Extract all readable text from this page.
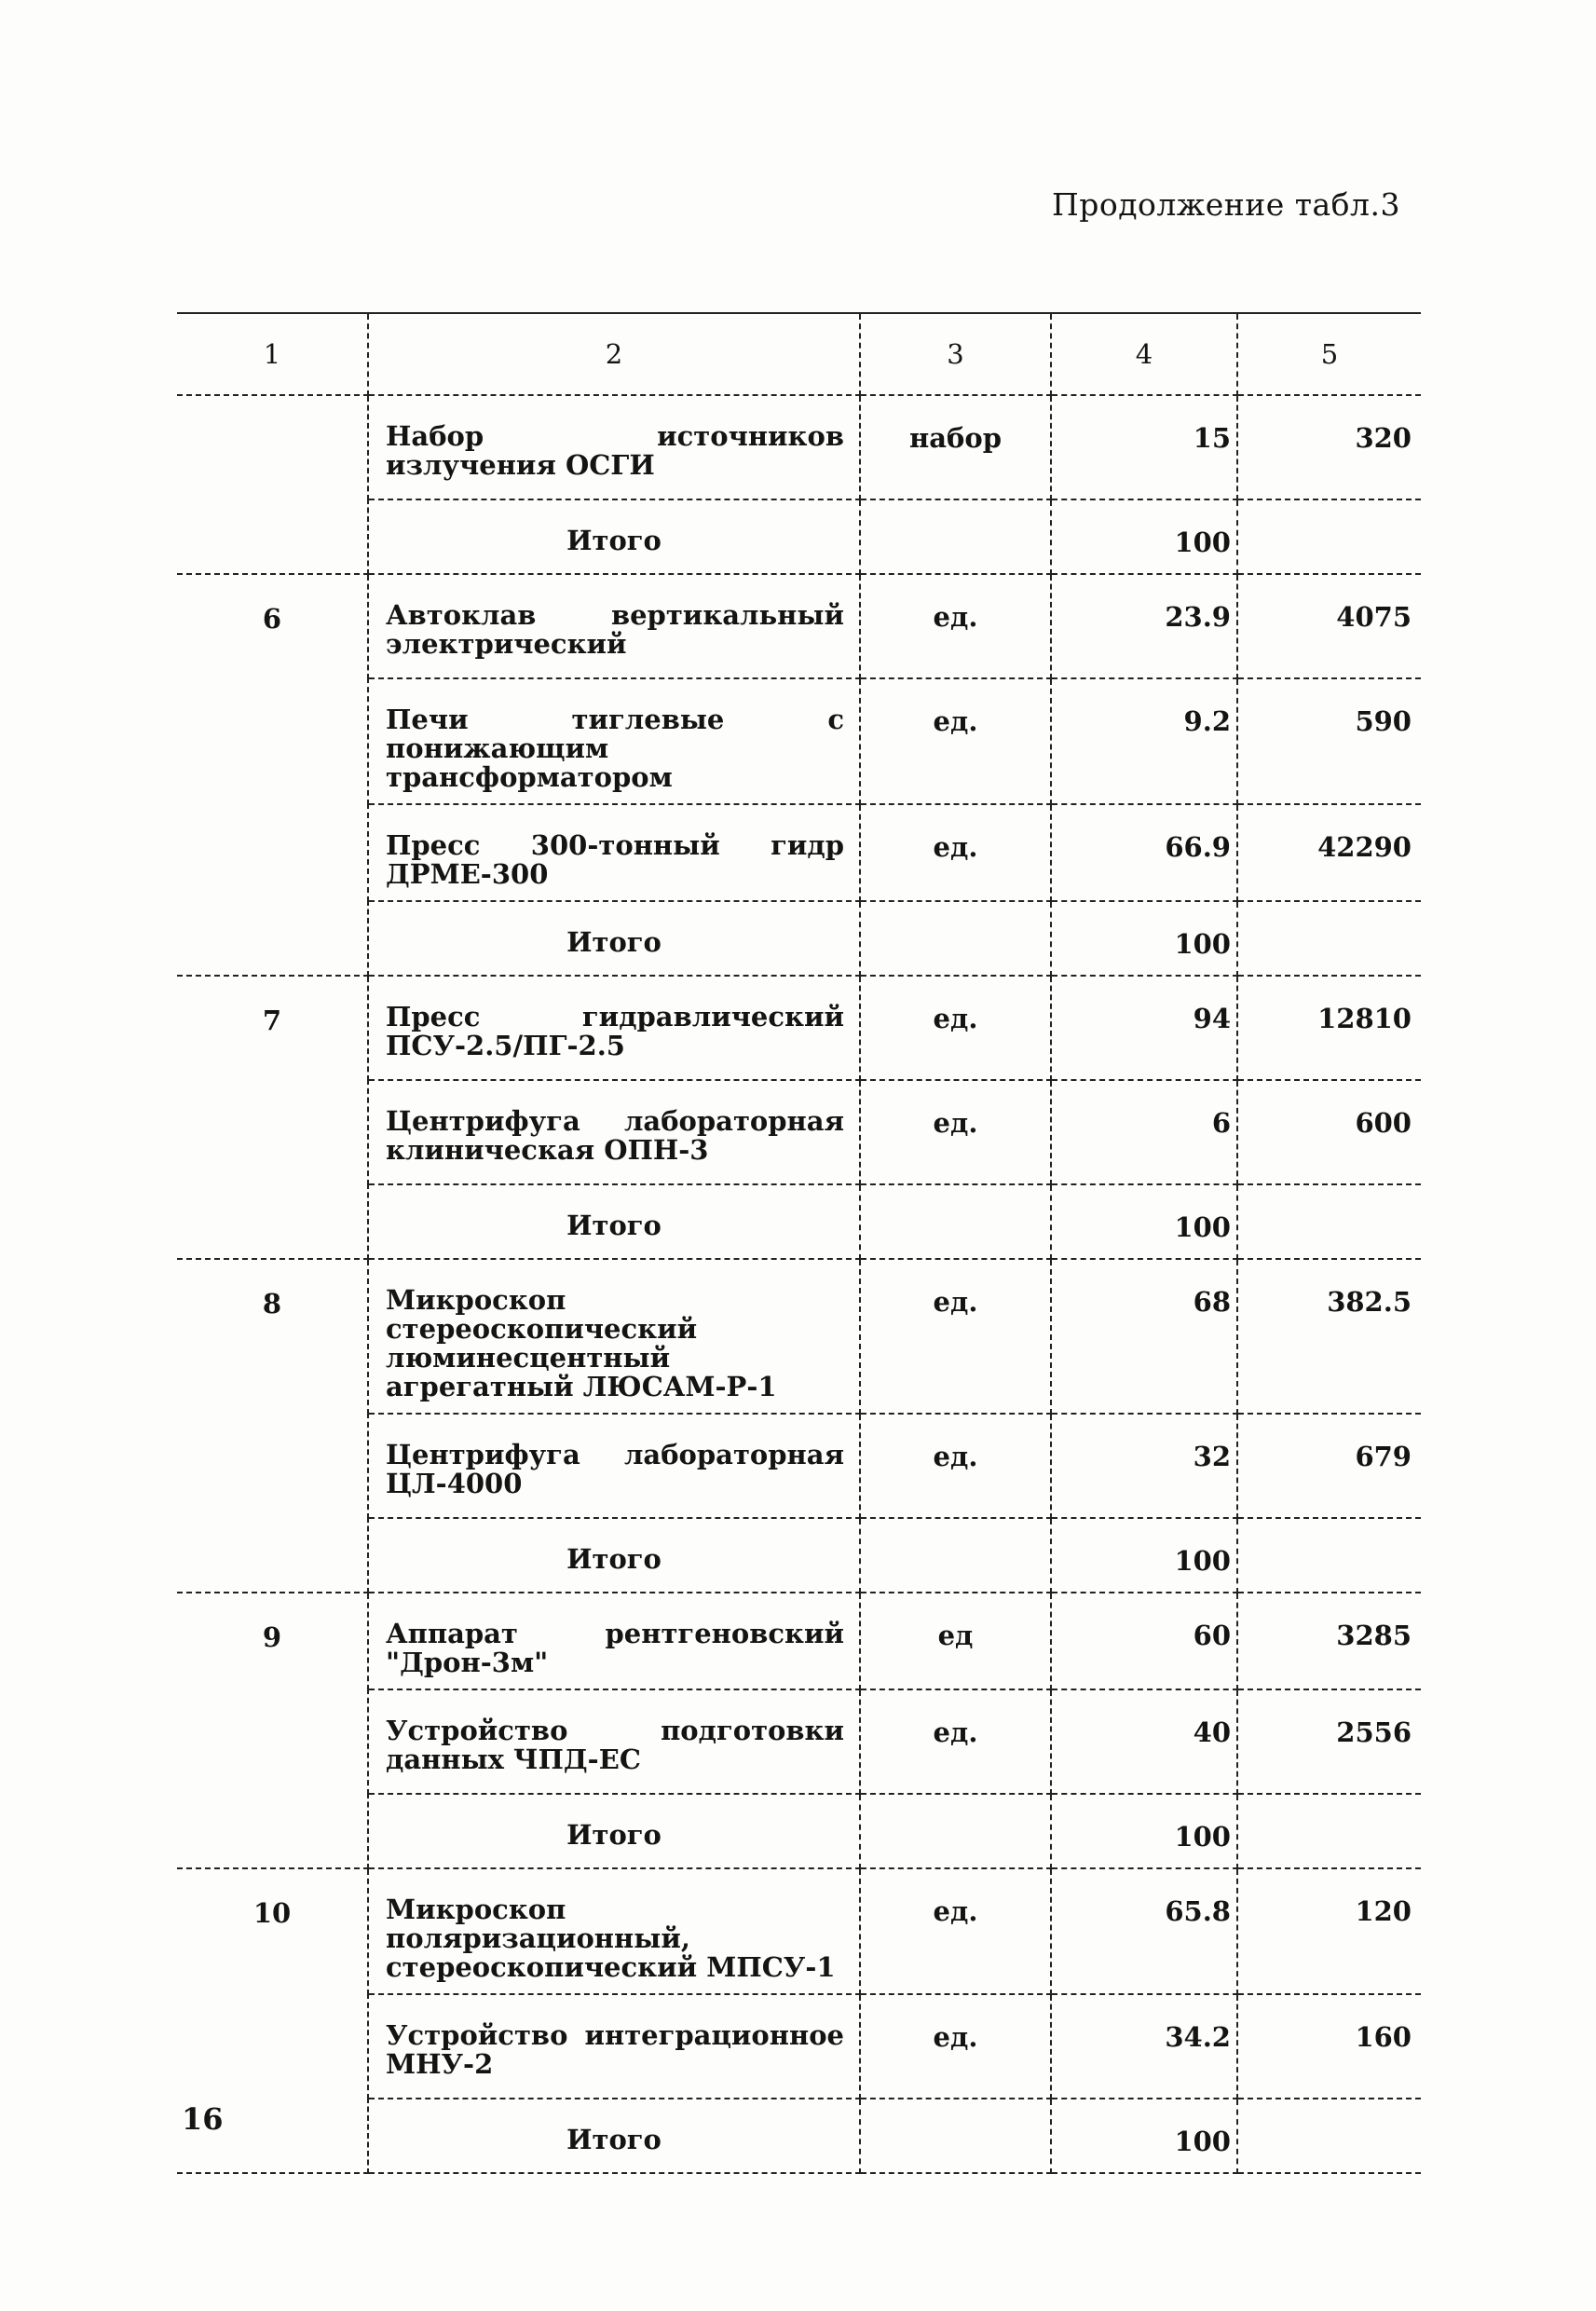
Продолжение табл.3
1	2	3	4	5
	Набор источников излучения ОСГИ	набор	15	320
	Итого		100	
6	Автоклав вертикальный электрический	ед.	23.9	4075
	Печи тиглевые с понижающим трансформатором	ед.	9.2	590
	Пресс 300-тонный гидр ДРМЕ-300	ед.	66.9	42290
	Итого		100	
7	Пресс гидравлический ПСУ-2.5/ПГ-2.5	ед.	94	12810
	Центрифуга лабораторная клиническая ОПН-3	ед.	6	600
	Итого		100	
8	Микроскоп стереоскопический люминесцентный агрегатный ЛЮСАМ-Р-1	ед.	68	382.5
	Центрифуга лабораторная ЦЛ-4000	ед.	32	679
	Итого		100	
9	Аппарат рентгеновский "Дрон-3м"	ед	60	3285
	Устройство подготовки данных ЧПД-ЕС	ед.	40	2556
	Итого		100	
10	Микроскоп поляризационный, стереоскопический МПСУ-1	ед.	65.8	120
	Устройство интеграционное МНУ-2	ед.	34.2	160
	Итого		100	
16
